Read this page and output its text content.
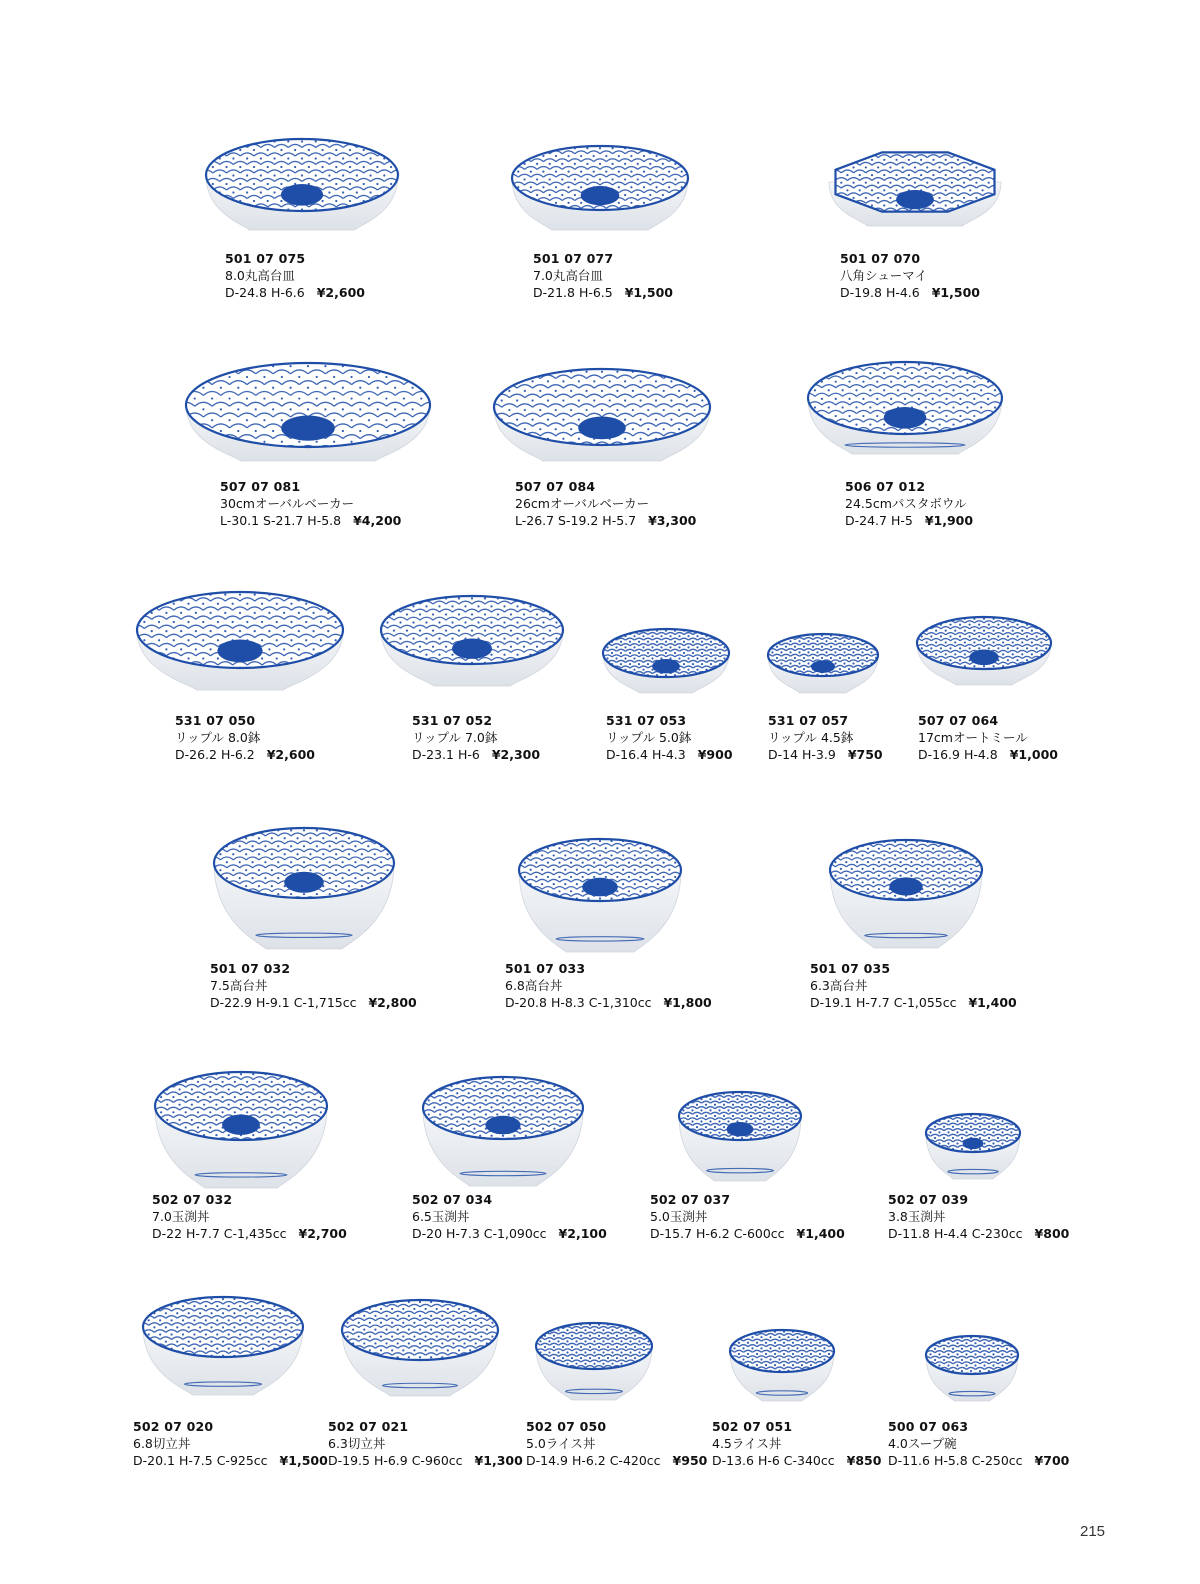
501 07 075
8.0丸高台皿
D-24.8 H-6.6 ¥2,600
501 07 077
7.0丸高台皿
D-21.8 H-6.5 ¥1,500
501 07 070
八角シューマイ
D-19.8 H-4.6 ¥1,500
507 07 081
30cmオーバルベーカー
L-30.1 S-21.7 H-5.8 ¥4,200
507 07 084
26cmオーバルベーカー
L-26.7 S-19.2 H-5.7 ¥3,300
506 07 012
24.5cmパスタボウル
D-24.7 H-5 ¥1,900
531 07 050
リップル 8.0鉢
D-26.2 H-6.2 ¥2,600
531 07 052
リップル 7.0鉢
D-23.1 H-6 ¥2,300
531 07 053
リップル 5.0鉢
D-16.4 H-4.3 ¥900
531 07 057
リップル 4.5鉢
D-14 H-3.9 ¥750
507 07 064
17cmオートミール
D-16.9 H-4.8 ¥1,000
501 07 032
7.5高台丼
D-22.9 H-9.1 C-1,715cc ¥2,800
501 07 033
6.8高台丼
D-20.8 H-8.3 C-1,310cc ¥1,800
501 07 035
6.3高台丼
D-19.1 H-7.7 C-1,055cc ¥1,400
502 07 032
7.0玉渕丼
D-22 H-7.7 C-1,435cc ¥2,700
502 07 034
6.5玉渕丼
D-20 H-7.3 C-1,090cc ¥2,100
502 07 037
5.0玉渕丼
D-15.7 H-6.2 C-600cc ¥1,400
502 07 039
3.8玉渕丼
D-11.8 H-4.4 C-230cc ¥800
502 07 020
6.8切立丼
D-20.1 H-7.5 C-925cc ¥1,500
502 07 021
6.3切立丼
D-19.5 H-6.9 C-960cc ¥1,300
502 07 050
5.0ライス丼
D-14.9 H-6.2 C-420cc ¥950
502 07 051
4.5ライス丼
D-13.6 H-6 C-340cc ¥850
500 07 063
4.0スープ碗
D-11.6 H-5.8 C-250cc ¥700
215
